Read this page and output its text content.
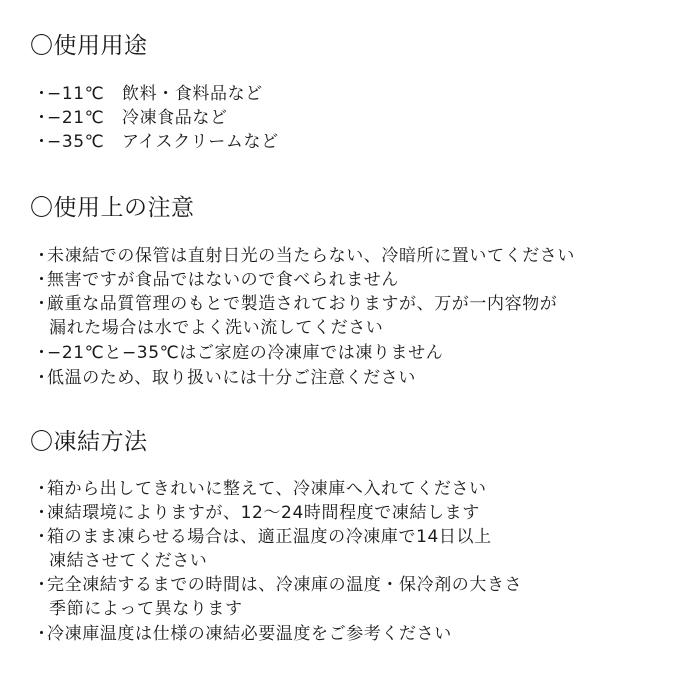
〇使用用途
・−11℃　飲料・食料品など
・−21℃　冷凍食品など
・−35℃　アイスクリームなど
〇使用上の注意
・未凍結での保管は直射日光の当たらない、冷暗所に置いてください
・無害ですが食品ではないので食べられません
・厳重な品質管理のもとで製造されておりますが、万が一内容物が
漏れた場合は水でよく洗い流してください
・−21℃と−35℃はご家庭の冷凍庫では凍りません
・低温のため、取り扱いには十分ご注意ください
〇凍結方法
・箱から出してきれいに整えて、冷凍庫へ入れてください
・凍結環境によりますが、12〜24時間程度で凍結します
・箱のまま凍らせる場合は、適正温度の冷凍庫で14日以上
凍結させてください
・完全凍結するまでの時間は、冷凍庫の温度・保冷剤の大きさ
季節によって異なります
・冷凍庫温度は仕様の凍結必要温度をご参考ください
